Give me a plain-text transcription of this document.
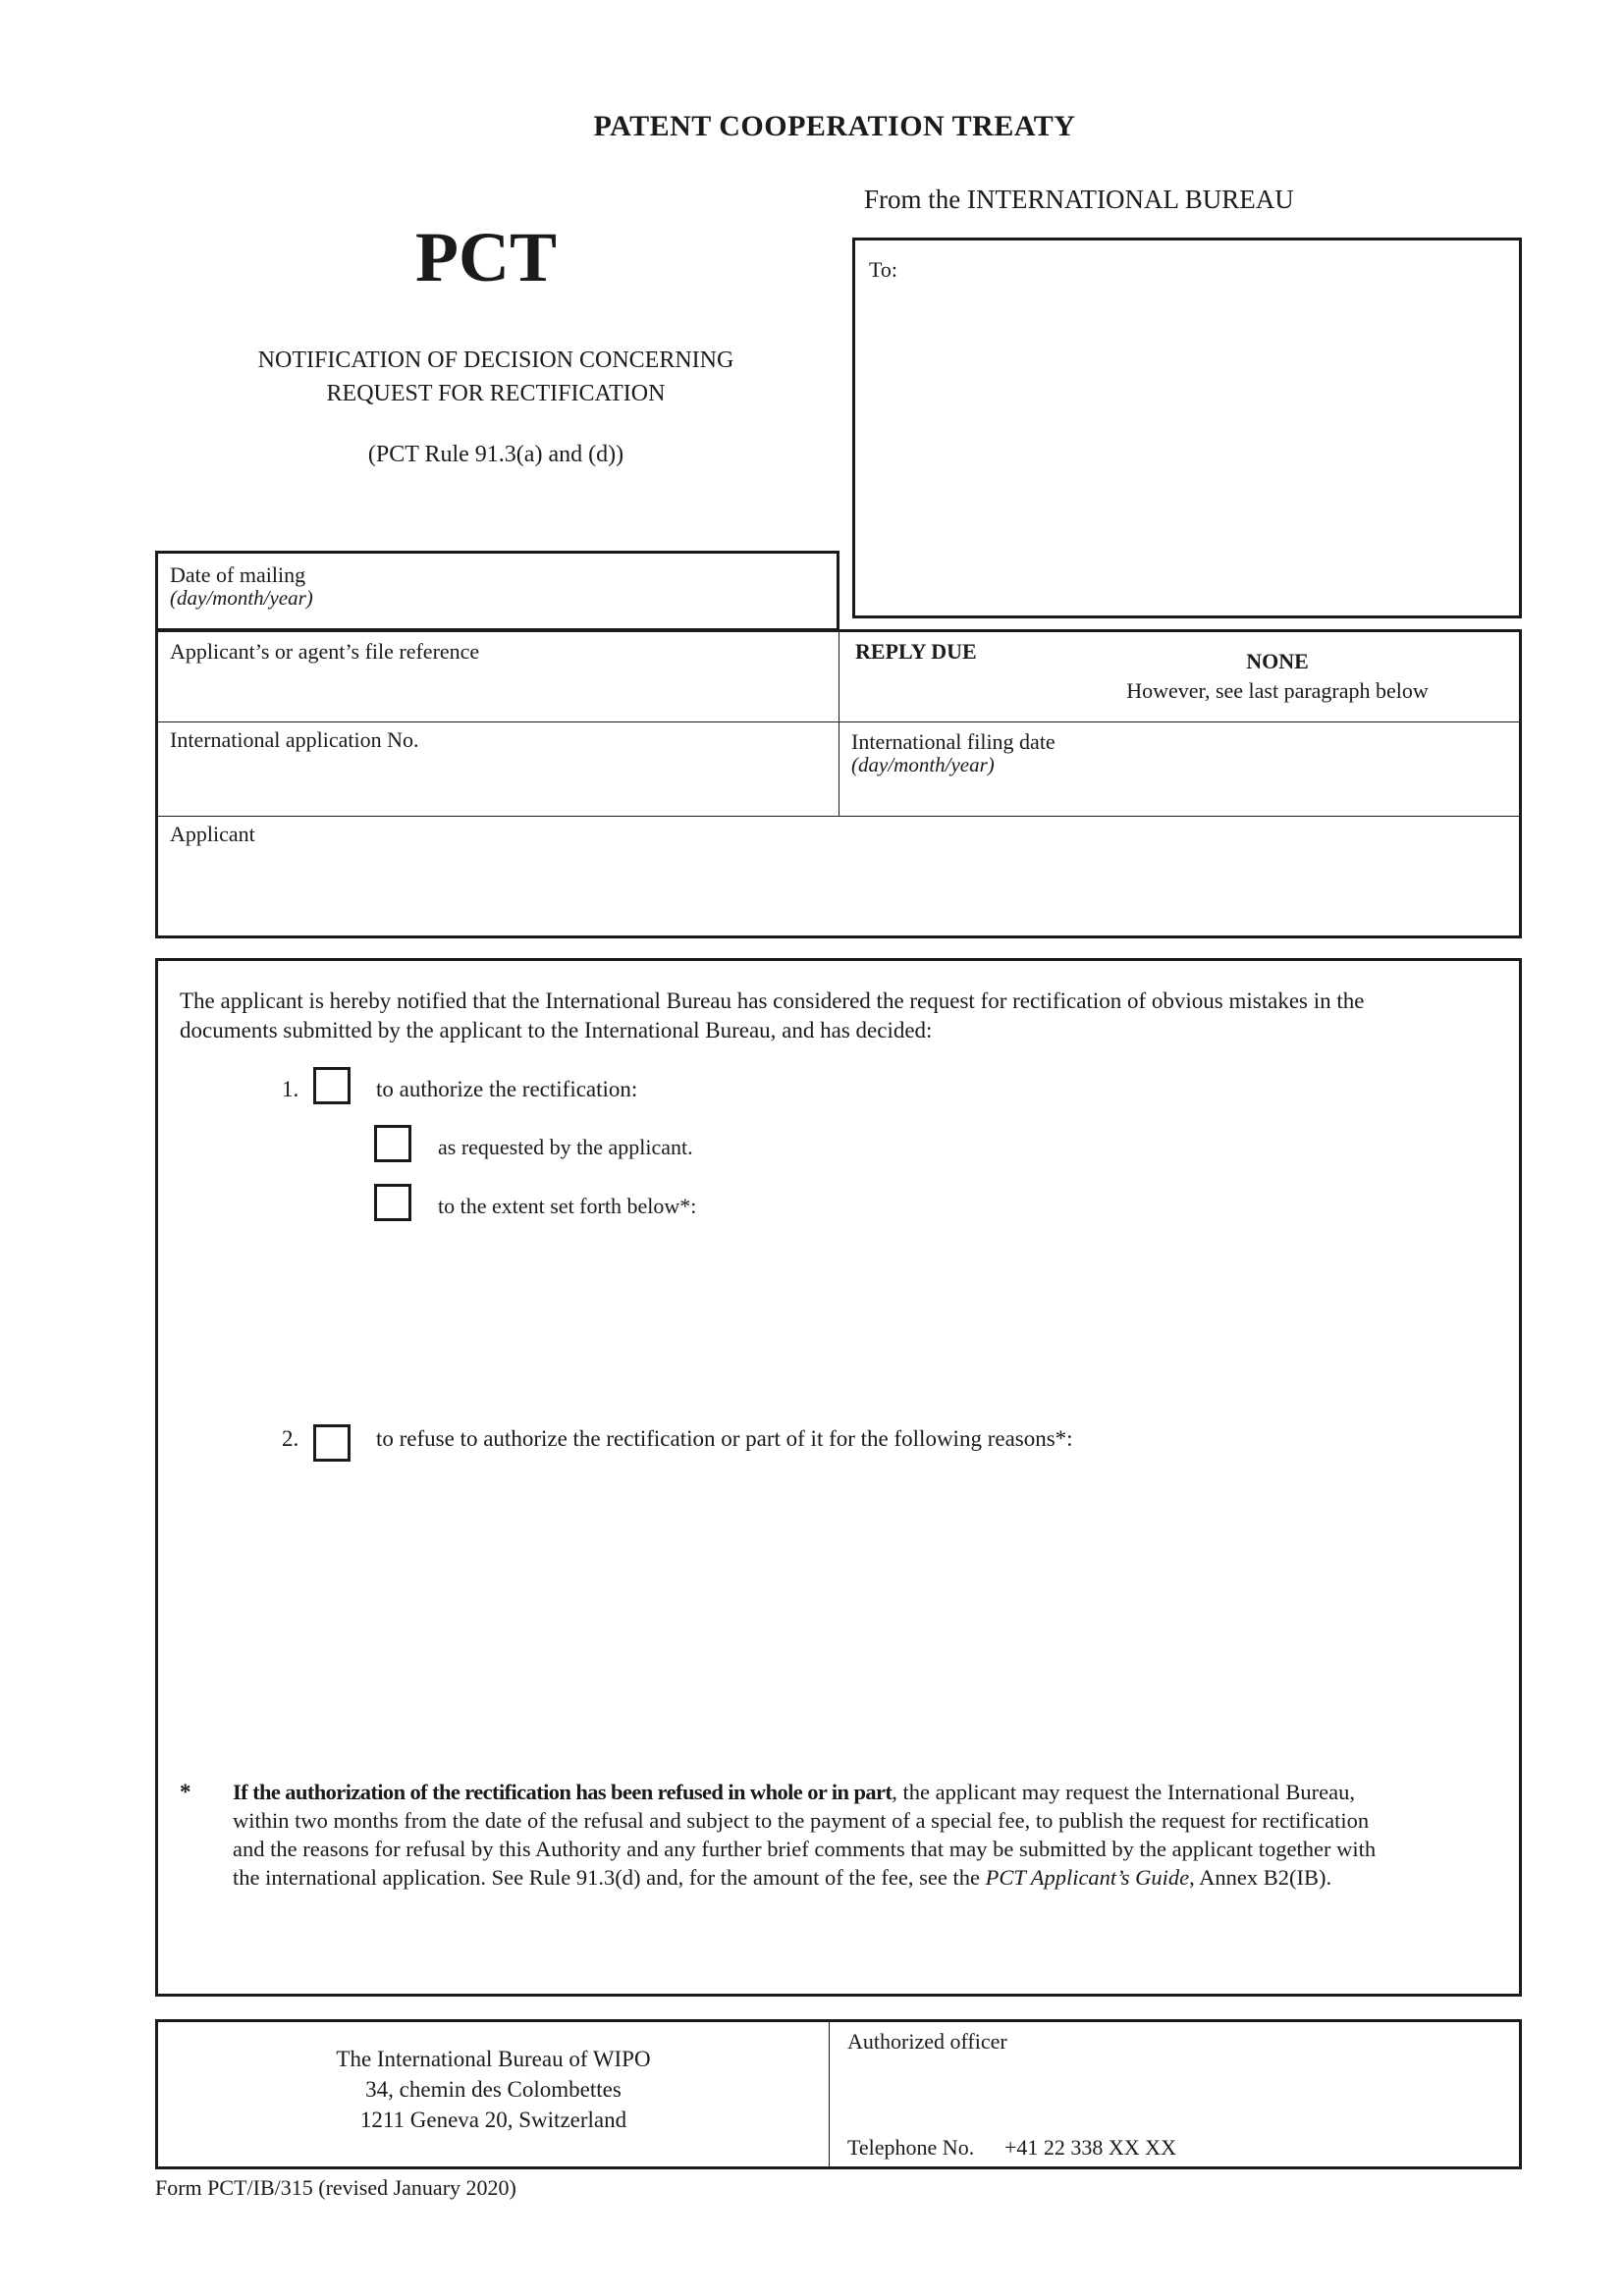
PATENT COOPERATION TREATY
From the INTERNATIONAL BUREAU
PCT
NOTIFICATION OF DECISION CONCERNING
REQUEST FOR RECTIFICATION
(PCT Rule 91.3(a) and (d))
To:
Date of mailing
(day/month/year)
Applicant’s or agent’s file reference	REPLY DUE	NONE
However, see last paragraph below
International application No.	International filing date
(day/month/year)
Applicant
The applicant is hereby notified that the International Bureau has considered the request for rectification of obvious mistakes in the
documents submitted by the applicant to the International Bureau, and has decided:
1.	to authorize the rectification:
as requested by the applicant.
to the extent set forth below*:
2.	to refuse to authorize the rectification or part of it for the following reasons*:
* If the authorization of the rectification has been refused in whole or in part, the applicant may request the International Bureau,
within two months from the date of the refusal and subject to the payment of a special fee, to publish the request for rectification
and the reasons for refusal by this Authority and any further brief comments that may be submitted by the applicant together with
the international application. See Rule 91.3(d) and, for the amount of the fee, see the PCT Applicant’s Guide, Annex B2(IB).
The International Bureau of WIPO
34, chemin des Colombettes
1211 Geneva 20, Switzerland
Authorized officer
Telephone No. +41 22 338 XX XX
Form PCT/IB/315 (revised January 2020)
